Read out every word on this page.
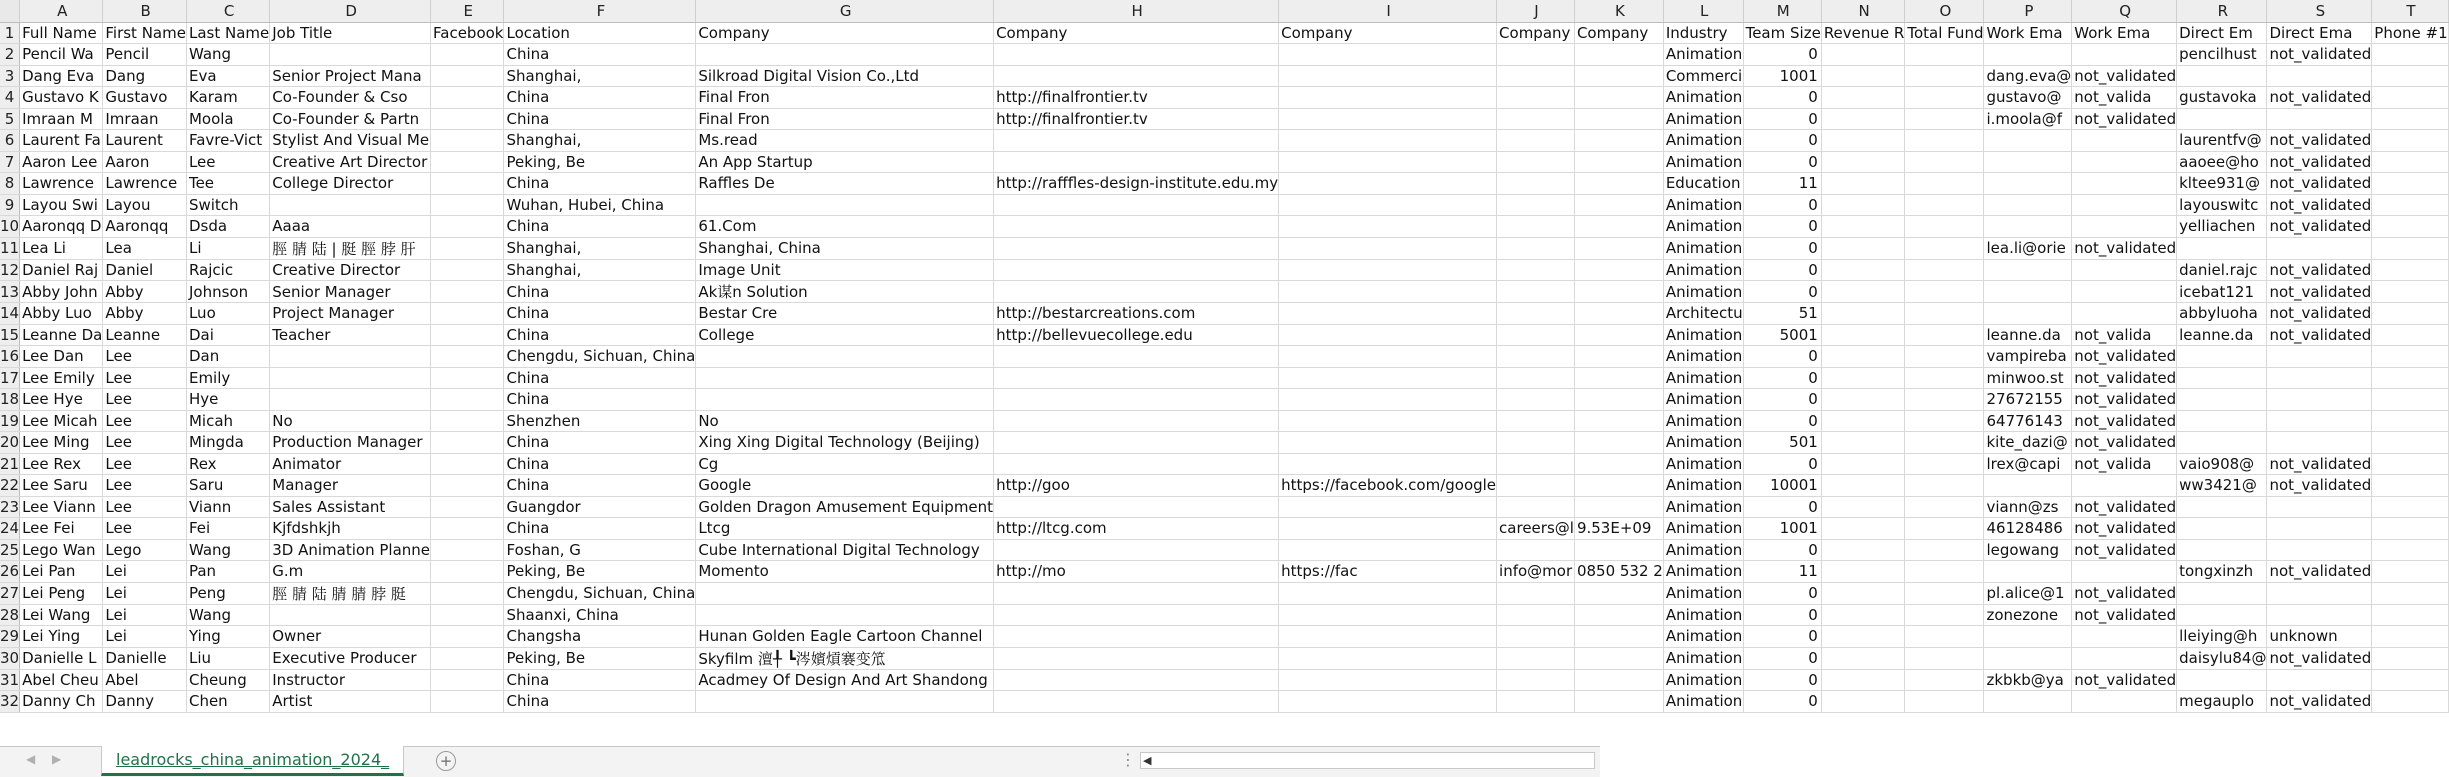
	A	B	C	D	E	F	G	H	I	J	K	L	M	N	O	P	Q	R	S	T
1	Full Name	First Name	Last Name	Job Title	Facebook	Location	Company	Company	Company	Company	Company	Industry	Team Size	Revenue R	Total Fund	Work Ema	Work Ema	Direct Em	Direct Ema	Phone #1
2	Pencil Wa	Pencil	Wang			China						Animation	0					pencilhust	not_validated	
3	Dang Eva	Dang	Eva	Senior Project Mana		Shanghai,	Silkroad Digital Vision Co.,Ltd					Commerci	1001			dang.eva@	not_validated			
4	Gustavo K	Gustavo	Karam	Co-Founder & Cso		China	Final Fron	http://finalfrontier.tv				Animation	0			gustavo@	not_valida	gustavoka	not_validated	
5	Imraan M	Imraan	Moola	Co-Founder & Partn		China	Final Fron	http://finalfrontier.tv				Animation	0			i.moola@f	not_validated			
6	Laurent Fa	Laurent	Favre-Vict	Stylist And Visual Me		Shanghai,	Ms.read					Animation	0					laurentfv@	not_validated	
7	Aaron Lee	Aaron	Lee	Creative Art Director		Peking, Be	An App Startup					Animation	0					aaoee@ho	not_validated	
8	Lawrence	Lawrence	Tee	College Director		China	Raffles De	http://rafffles-design-institute.edu.my				Education	11					kltee931@	not_validated	
9	Layou Swi	Layou	Switch			Wuhan, Hubei, China						Animation	0					layouswitc	not_validated	
10	Aaronqq D	Aaronqq	Dsda	Aaaa		China	61.Com					Animation	0					yelliachen	not_validated	
11	Lea Li	Lea	Li	脛 腈 陆 | 脡 脛 脖 肝		Shanghai,	Shanghai, China					Animation	0			lea.li@orie	not_validated			
12	Daniel Raj	Daniel	Rajcic	Creative Director		Shanghai,	Image Unit					Animation	0					daniel.rajc	not_validated	
13	Abby John	Abby	Johnson	Senior Manager		China	Ak谋n Solution					Animation	0					icebat121	not_validated	
14	Abby Luo	Abby	Luo	Project Manager		China	Bestar Cre	http://bestarcreations.com				Architectu	51					abbyluoha	not_validated	
15	Leanne Da	Leanne	Dai	Teacher		China	College	http://bellevuecollege.edu				Animation	5001			leanne.da	not_valida	leanne.da	not_validated	
16	Lee Dan	Lee	Dan			Chengdu, Sichuan, China						Animation	0			vampireba	not_validated			
17	Lee Emily	Lee	Emily			China						Animation	0			minwoo.st	not_validated			
18	Lee Hye	Lee	Hye			China						Animation	0			27672155	not_validated			
19	Lee Micah	Lee	Micah	No		Shenzhen	No					Animation	0			64776143	not_validated			
20	Lee Ming	Lee	Mingda	Production Manager		China	Xing Xing Digital Technology (Beijing)					Animation	501			kite_dazi@	not_validated			
21	Lee Rex	Lee	Rex	Animator		China	Cg					Animation	0			lrex@capi	not_valida	vaio908@	not_validated	
22	Lee Saru	Lee	Saru	Manager		China	Google	http://goo	https://facebook.com/google			Animation	10001					ww3421@	not_validated	
23	Lee Viann	Lee	Viann	Sales Assistant		Guangdor	Golden Dragon Amusement Equipment					Animation	0			viann@zs	not_validated			
24	Lee Fei	Lee	Fei	Kjfdshkjh		China	Ltcg	http://ltcg.com		careers@l	9.53E+09	Animation	1001			46128486	not_validated			
25	Lego Wan	Lego	Wang	3D Animation Planne		Foshan, G	Cube International Digital Technology					Animation	0			legowang	not_validated			
26	Lei Pan	Lei	Pan	G.m		Peking, Be	Momento	http://mo	https://fac	info@mor	0850 532 2	Animation	11					tongxinzh	not_validated	
27	Lei Peng	Lei	Peng	脛 腈 陆 腈 腈 脖 脡		Chengdu, Sichuan, China						Animation	0			pl.alice@1	not_validated			
28	Lei Wang	Lei	Wang			Shaanxi, China						Animation	0			zonezone	not_validated			
29	Lei Ying	Lei	Ying	Owner		Changsha	Hunan Golden Eagle Cartoon Channel					Animation	0					lleiying@h	unknown	
30	Danielle L	Danielle	Liu	Executive Producer		Peking, Be	Skyfilm 澶╀ ┗涔嬪熕褰变笟					Animation	0					daisylu84@	not_validated	
31	Abel Cheu	Abel	Cheung	Instructor		China	Acadmey Of Design And Art Shandong					Animation	0			zkbkb@ya	not_validated			
32	Danny Ch	Danny	Chen	Artist		China						Animation	0					megauplo	not_validated	
◀ ▶	leadrocks_china_animation_2024_	+	⋮ ◀
